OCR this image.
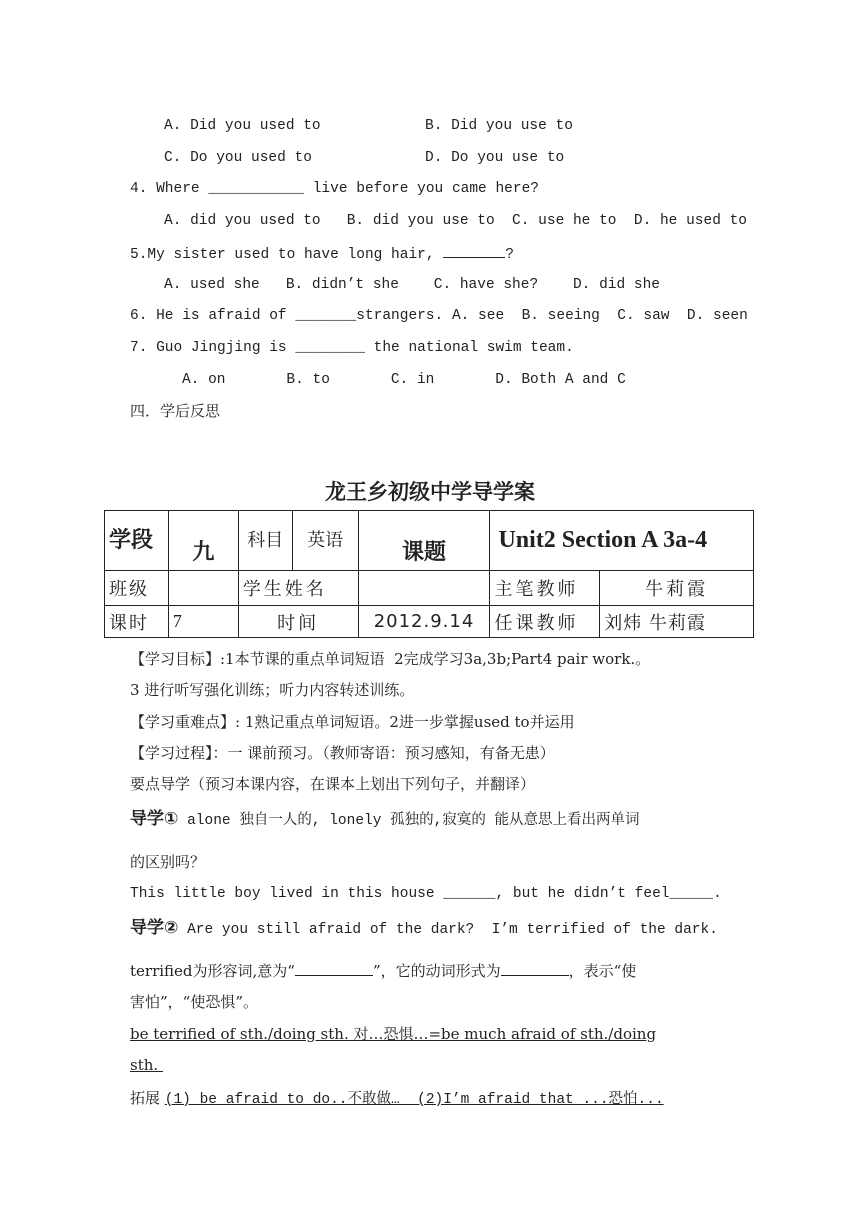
A. Did you used to	B. Did you use to
C. Do you used to	D. Do you use to
4. Where ___________ live before you came here?
A. did you used to   B. did you use to  C. use he to  D. he used to
5.My sister used to have long hair,	?
A. used she   B. didn’t she    C. have she?    D. did she
6. He is afraid of _______strangers. A. see  B. seeing  C. saw  D. seen
7. Guo Jingjing is ________ the national swim team.
A. on       B. to       C. in       D. Both A and C
四．学后反思
龙王乡初级中学导学案
学段	九	科目	英语	课题	Unit2 Section A 3a-4	
班级		学生姓名			主笔教师	牛莉霞
课时	7	时间		2012.9.14	任课教师	刘炜 牛莉霞
【学习目标】:1本节课的重点单词短语  2完成学习3a,3b;Part4 pair work.。
3 进行听写强化训练；听力内容转述训练。
【学习重难点】: 1熟记重点单词短语。2进一步掌握used to并运用
【学习过程】：一 课前预习。（教师寄语：预习感知，有备无患）
要点导学（预习本课内容，在课本上划出下列句子，并翻译）
导学① alone 独自一人的, lonely 孤独的,寂寞的 能从意思上看出两单词
的区别吗？
This little boy lived in this house ______, but he didn’t feel_____.
导学② Are you still afraid of the dark?  I’m terrified of the dark.
terrified为形容词,意为“	”，它的动词形式为	，表示“使
害怕”，“使恐惧”。
be terrified of sth./doing sth. 对…恐惧…=be much afraid of sth./doing
sth.
拓展 (1) be afraid to do..不敢做…  (2)I’m afraid that ...恐怕...
